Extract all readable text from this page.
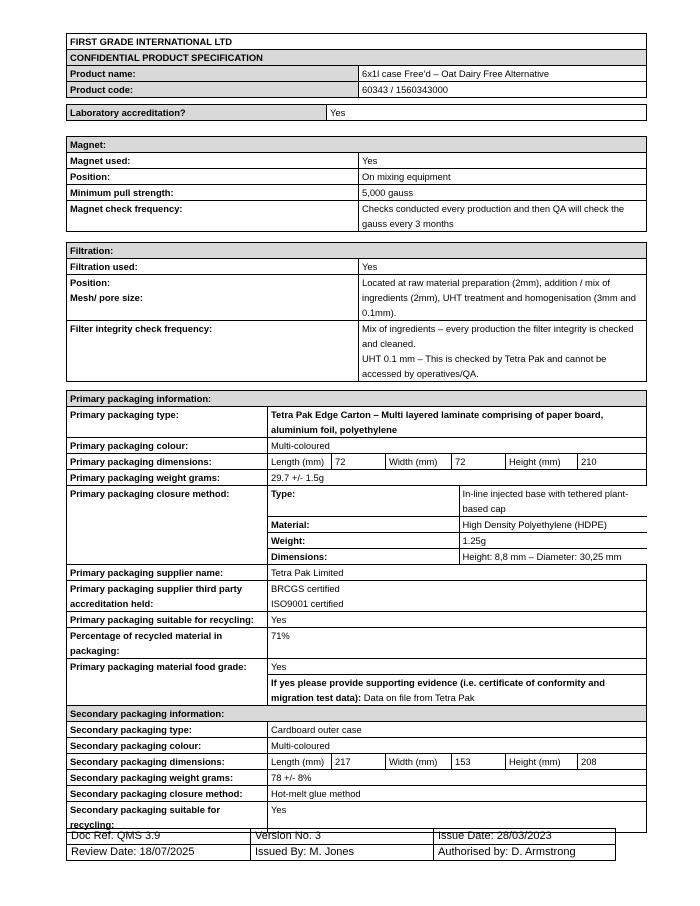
FIRST GRADE INTERNATIONAL LTD	
CONFIDENTIAL PRODUCT SPECIFICATION	
Product name:	6x1l case Free’d – Oat Dairy Free Alternative
Product code:	60343 / 1560343000
Laboratory accreditation?	Yes
Magnet:	
Magnet used:	Yes
Position:	On mixing equipment
Minimum pull strength:	5,000 gauss
Magnet check frequency:	Checks conducted every production and then QA will check the gauss every 3 months
Filtration:	
Filtration used:	Yes

Position:
Mesh/ pore size:	Located at raw material preparation (2mm), addition / mix of ingredients (2mm), UHT treatment and homogenisation (3mm and 0.1mm).
Filter integrity check frequency:	Mix of ingredients – every production the filter integrity is checked and cleaned.
UHT 0.1 mm – This is checked by Tetra Pak and cannot be accessed by operatives/QA.
Primary packaging information:
Primary packaging type:	Tetra Pak Edge Carton – Multi layered laminate comprising of paper board, aluminium foil, polyethylene
Primary packaging colour:	Multi-coloured
Primary packaging dimensions:	Length (mm)	72	Width (mm)	72	Height (mm)	210
Primary packaging weight grams:	29.7 +/- 1.5g
Primary packaging closure method:		Type:	In-line injected base with tethered plant-based cap
Material:	High Density Polyethylene (HDPE)
Weight:	1.25g
Dimensions:	Height: 8,8 mm – Diameter: 30,25 mm

Primary packaging supplier name:	Tetra Pak Limited
Primary packaging supplier third party accreditation held:	
BRCGS certified
ISO9001 certified

Primary packaging suitable for recycling:	Yes
Percentage of recycled material in packaging:	71%
Primary packaging material food grade:	Yes
If yes please provide supporting evidence (i.e. certificate of conformity and migration test data): Data on file from Tetra Pak
Secondary packaging information:						
Secondary packaging type:	Cardboard outer case					
Secondary packaging colour:	Multi-coloured					
Secondary packaging dimensions:	Length (mm)	217	Width (mm)	153	Height (mm)	208
Secondary packaging weight grams:	78 +/- 8%					
Secondary packaging closure method:	Hot-melt glue method					
Secondary packaging suitable for recycling:	Yes					
Doc Ref. QMS 3.9	Version No. 3	Issue Date: 28/03/2023
Review Date: 18/07/2025	Issued By: M. Jones	Authorised by: D. Armstrong
